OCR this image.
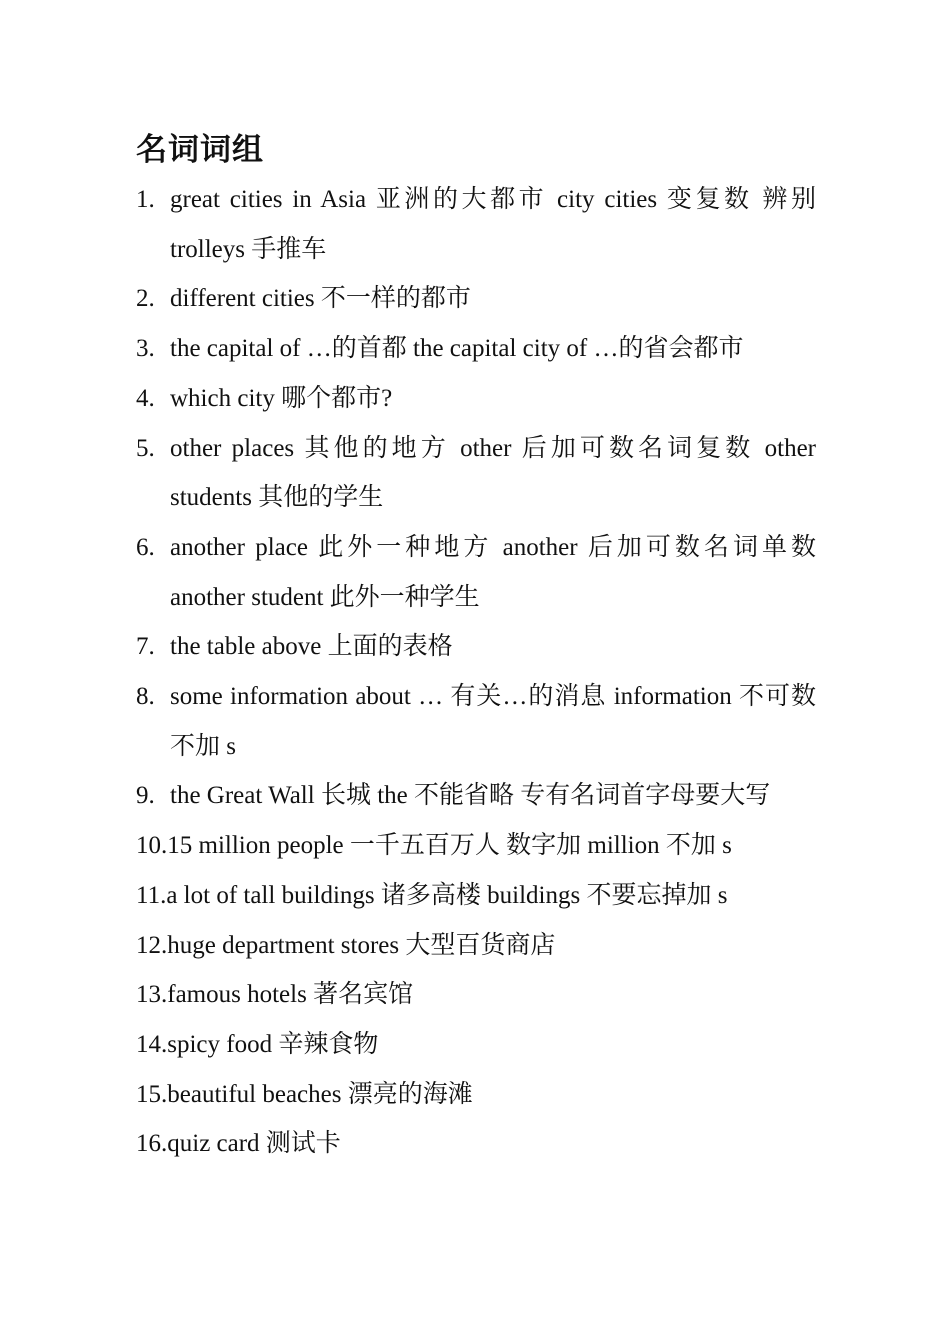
名词词组
1. great cities in Asia 亚洲的大都市 city cities 变复数 辨别 trolleys 手推车
2. different cities 不一样的都市
3. the capital of …的首都 the capital city of …的省会都市
4. which city 哪个都市?
5. other places 其他的地方 other 后加可数名词复数 other students 其他的学生
6. another place 此外一种地方 another 后加可数名词单数 another student 此外一种学生
7. the table above 上面的表格
8. some information about … 有关…的消息 information 不可数不加 s
9. the Great Wall 长城 the 不能省略 专有名词首字母要大写
10.15 million people 一千五百万人 数字加 million 不加 s
11.a lot of tall buildings 诸多高楼 buildings 不要忘掉加 s
12.huge department stores 大型百货商店
13.famous hotels 著名宾馆
14.spicy food 辛辣食物
15.beautiful beaches 漂亮的海滩
16.quiz card 测试卡
